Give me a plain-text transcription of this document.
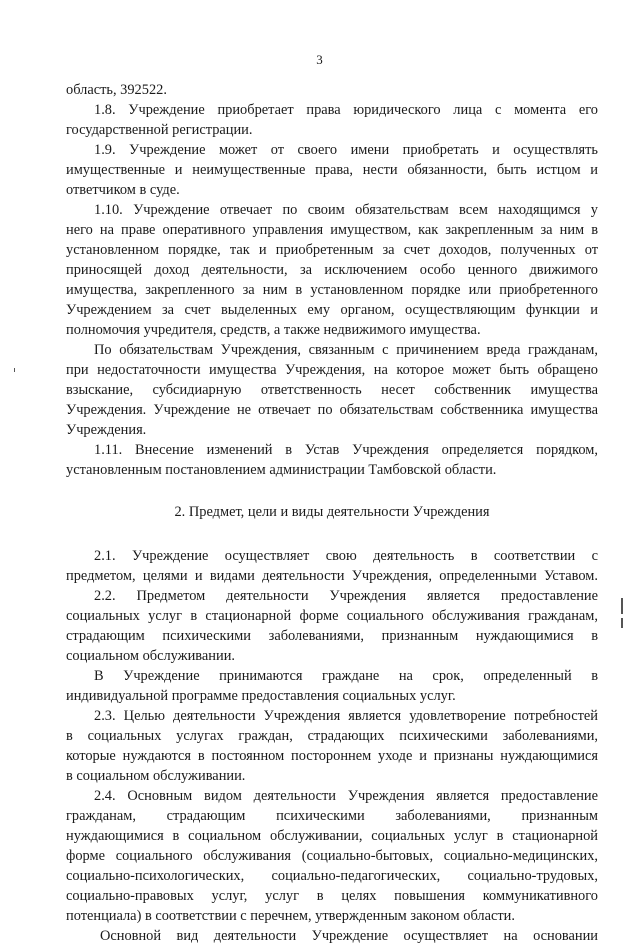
3
область, 392522.
1.8. Учреждение приобретает права юридического лица с момента его
государственной регистрации.
1.9. Учреждение может от своего имени приобретать и осуществлять
имущественные и неимущественные права, нести обязанности, быть истцом и
ответчиком в суде.
1.10. Учреждение отвечает по своим обязательствам всем находящимся у
него на праве оперативного управления имуществом, как закрепленным за ним в
установленном порядке, так и приобретенным за счет доходов, полученных от
приносящей доход деятельности, за исключением особо ценного движимого
имущества, закрепленного за ним в установленном порядке или приобретенного
Учреждением за счет выделенных ему органом, осуществляющим функции и
полномочия учредителя, средств, а также недвижимого имущества.
По обязательствам Учреждения, связанным с причинением вреда гражданам,
при недостаточности имущества Учреждения, на которое может быть обращено
взыскание, субсидиарную ответственность несет собственник имущества
Учреждения. Учреждение не отвечает по обязательствам собственника имущества
Учреждения.
1.11. Внесение изменений в Устав Учреждения определяется порядком,
установленным постановлением администрации Тамбовской области.
2. Предмет, цели и виды деятельности Учреждения
2.1. Учреждение осуществляет свою деятельность в соответствии с
предметом, целями и видами деятельности Учреждения, определенными Уставом.
2.2. Предметом деятельности Учреждения является предоставление
социальных услуг в стационарной форме социального обслуживания гражданам,
страдающим психическими заболеваниями, признанным нуждающимися в
социальном обслуживании.
В Учреждение принимаются граждане на срок, определенный в
индивидуальной программе предоставления социальных услуг.
2.3. Целью деятельности Учреждения является удовлетворение потребностей
в социальных услугах граждан, страдающих психическими заболеваниями,
которые нуждаются в постоянном постороннем уходе и признаны нуждающимися
в социальном обслуживании.
2.4. Основным видом деятельности Учреждения является предоставление
гражданам, страдающим психическими заболеваниями, признанным
нуждающимися в социальном обслуживании, социальных услуг в стационарной
форме социального обслуживания (социально-бытовых, социально-медицинских,
социально-психологических, социально-педагогических, социально-трудовых,
социально-правовых услуг, услуг в целях повышения коммуникативного
потенциала) в соответствии с перечнем, утвержденным законом области.
Основной вид деятельности Учреждение осуществляет на основании
